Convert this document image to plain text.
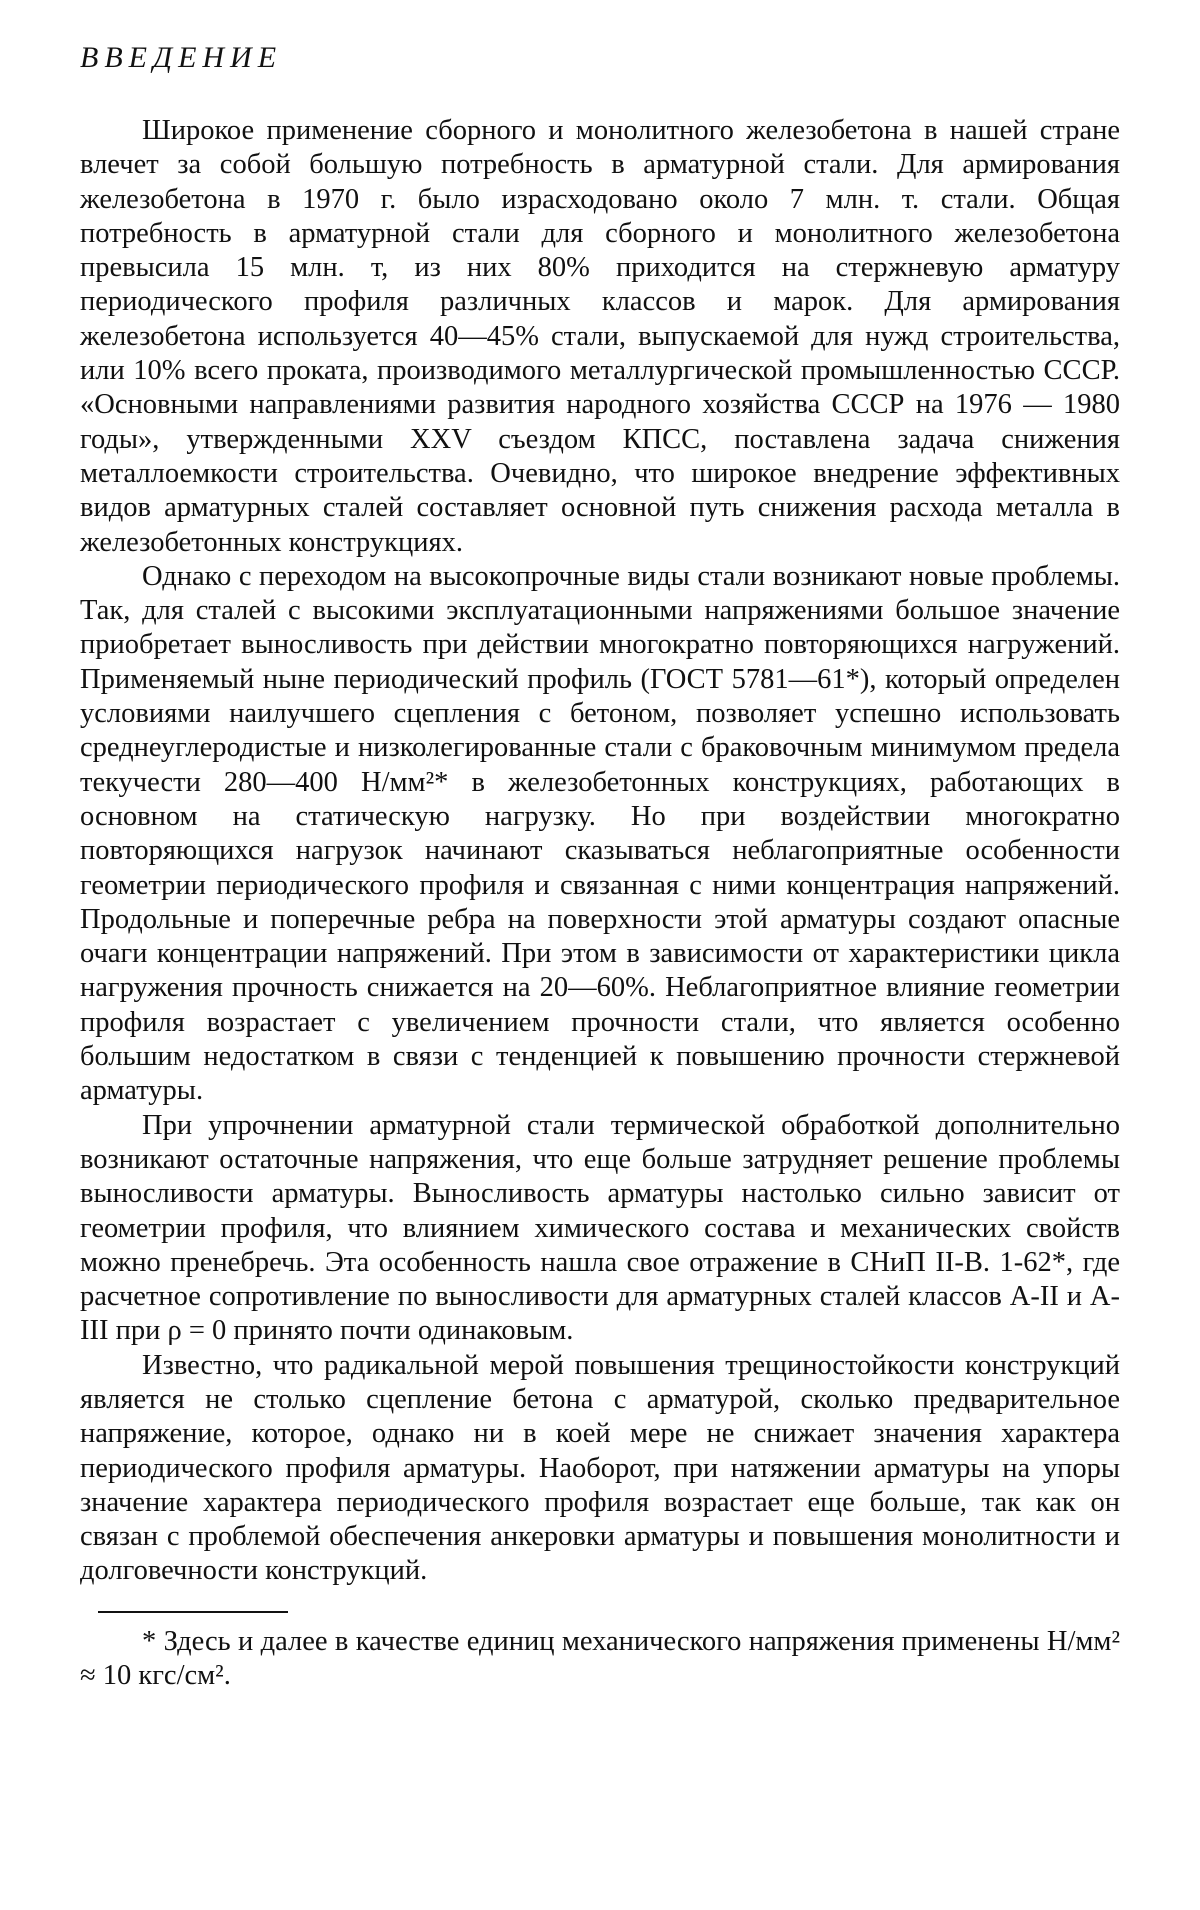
ВВЕДЕНИЕ

Широкое применение сборного и монолитного железобетона в нашей стране влечет за собой большую потребность в арматурной стали. Для армирования железобетона в 1970 г. было израсходовано около 7 млн. т. стали. Общая потребность в арматурной стали для сборного и монолитного железобетона превысила 15 млн. т, из них 80% приходится на стержневую арматуру периодического профиля различных классов и марок. Для армирования железобетона используется 40—45% стали, выпускаемой для нужд строительства, или 10% всего проката, производимого металлургической промышленностью СССР. «Основными направлениями развития народного хозяйства СССР на 1976 — 1980 годы», утвержденными XXV съездом КПСС, поставлена задача снижения металлоемкости строительства. Очевидно, что широкое внедрение эффективных видов арматурных сталей составляет основной путь снижения расхода металла в железобетонных конструкциях.

Однако с переходом на высокопрочные виды стали возникают новые проблемы. Так, для сталей с высокими эксплуатационными напряжениями большое значение приобретает выносливость при действии многократно повторяющихся нагружений. Применяемый ныне периодический профиль (ГОСТ 5781—61*), который определен условиями наилучшего сцепления с бетоном, позволяет успешно использовать среднеуглеродистые и низколегированные стали с браковочным минимумом предела текучести 280—400 Н/мм²* в железобетонных конструкциях, работающих в основном на статическую нагрузку. Но при воздействии многократно повторяющихся нагрузок начинают сказываться неблагоприятные особенности геометрии периодического профиля и связанная с ними концентрация напряжений. Продольные и поперечные ребра на поверхности этой арматуры создают опасные очаги концентрации напряжений. При этом в зависимости от характеристики цикла нагружения прочность снижается на 20—60%. Неблагоприятное влияние геометрии профиля возрастает с увеличением прочности стали, что является особенно большим недостатком в связи с тенденцией к повышению прочности стержневой арматуры.

При упрочнении арматурной стали термической обработкой дополнительно возникают остаточные напряжения, что еще больше затрудняет решение проблемы выносливости арматуры. Выносливость арматуры настолько сильно зависит от геометрии профиля, что влиянием химического состава и механических свойств можно пренебречь. Эта особенность нашла свое отражение в СНиП II-В. 1-62*, где расчетное сопротивление по выносливости для арматурных сталей классов А-II и А-III при ρ = 0 принято почти одинаковым.

Известно, что радикальной мерой повышения трещиностойкости конструкций является не столько сцепление бетона с арматурой, сколько предварительное напряжение, которое, однако ни в коей мере не снижает значения характера периодического профиля арматуры. Наоборот, при натяжении арматуры на упоры значение характера периодического профиля возрастает еще больше, так как он связан с проблемой обеспечения анкеровки арматуры и повышения монолитности и долговечности конструкций.

* Здесь и далее в качестве единиц механического напряжения применены Н/мм² ≈ 10 кгс/см².
